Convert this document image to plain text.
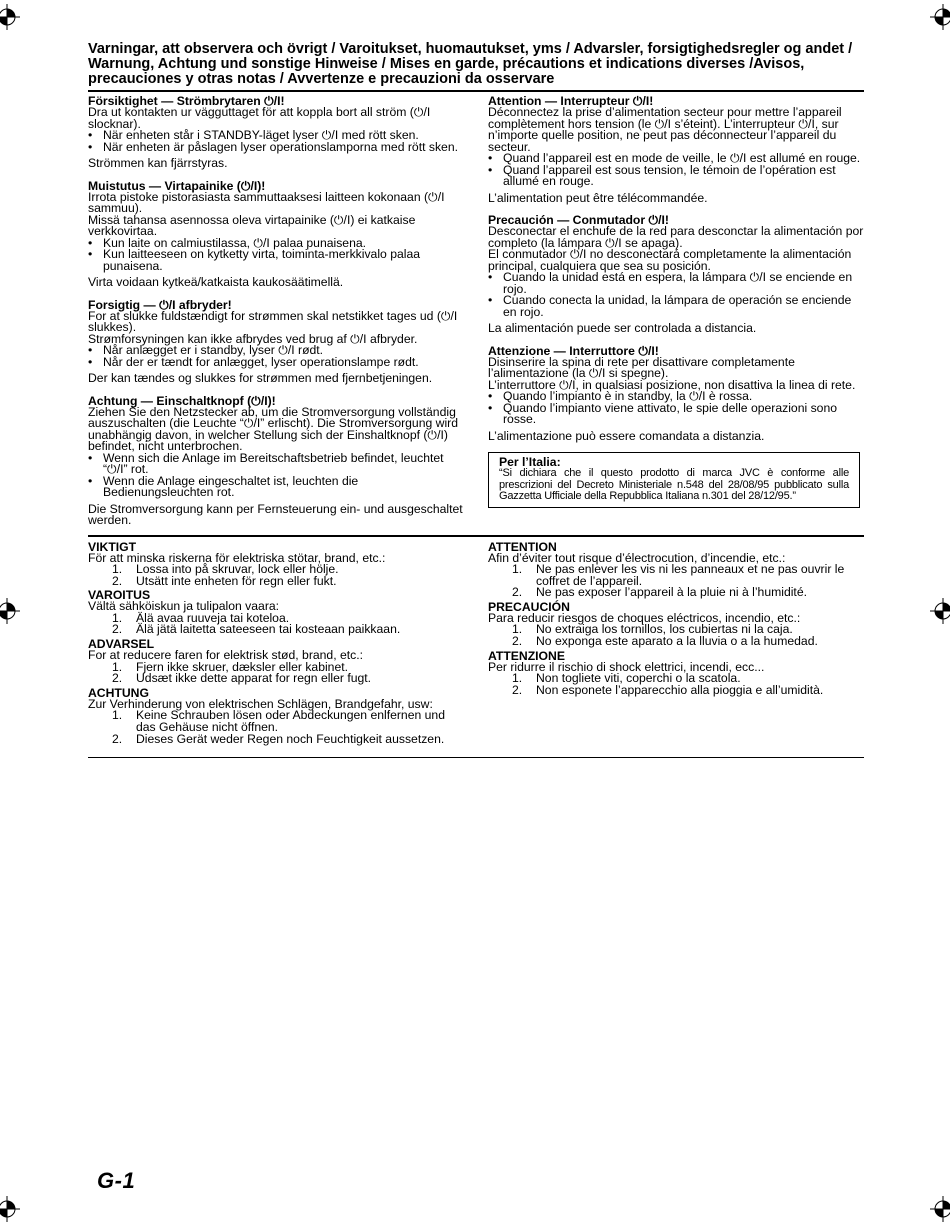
Varningar, att observera och övrigt / Varoitukset, huomautukset, yms / Advarsler, forsigtighedsregler og andet / Warnung, Achtung und sonstige Hinweise / Mises en garde, précautions et indications diverses /Avisos, precauciones y otras notas / Avvertenze e precauzioni da osservare
Försiktighet — Strömbrytaren ⏻/I!

Dra ut kontakten ur vägguttaget för att koppla bort all ström (⏻/I slocknar).

• När enheten står i STANDBY-läget lyser ⏻/I med rött sken.
• När enheten är påslagen lyser operationslamporna med rött sken.

Strömmen kan fjärrstyras.

Muistutus — Virtapainike (⏻/I)!

Irrota pistoke pistorasiasta sammuttaaksesi laitteen kokonaan (⏻/I sammuu).

Missä tahansa asennossa oleva virtapainike (⏻/I) ei katkaise verkkovirtaa.

• Kun laite on calmiustilassa, ⏻/I palaa punaisena.
• Kun laitteeseen on kytketty virta, toiminta-merkkivalo palaa punaisena.

Virta voidaan kytkeä/katkaista kaukosäätimellä.

Forsigtig — ⏻/I afbryder!

For at slukke fuldstændigt for strømmen skal netstikket tages ud (⏻/I slukkes).

Strømforsyningen kan ikke afbrydes ved brug af ⏻/I afbryder.

• Når anlægget er i standby, lyser ⏻/I rødt.
• Når der er tændt for anlægget, lyser operationslampe rødt.

Der kan tændes og slukkes for strømmen med fjernbetjeningen.

Achtung — Einschaltknopf (⏻/I)!

Ziehen Sie den Netzstecker ab, um die Stromversorgung vollständig auszuschalten (die Leuchte “⏻/I” erlischt). Die Stromversorgung wird unabhängig davon, in welcher Stellung sich der Einshaltknopf (⏻/I) befindet, nicht unterbrochen.

• Wenn sich die Anlage im Bereitschaftsbetrieb befindet, leuchtet “⏻/I” rot.
• Wenn die Anlage eingeschaltet ist, leuchten die Bedienungsleuchten rot.

Die Stromversorgung kann per Fernsteuerung ein- und ausgeschaltet werden.

Attention — Interrupteur ⏻/I!

Déconnectez la prise d’alimentation secteur pour mettre l’appareil complètement hors tension (le ⏻/I s’éteint). L’interrupteur ⏻/I, sur n’importe quelle position, ne peut pas déconnecteur l’appareil du secteur.

• Quand l’appareil est en mode de veille, le ⏻/I est allumé en rouge.
• Quand l’appareil est sous tension, le témoin de l’opération est allumé en rouge.

L’alimentation peut être télécommandée.

Precaución — Conmutador ⏻/I!

Desconectar el enchufe de la red para desconctar la alimentación por completo (la lámpara ⏻/I se apaga).

El conmutador ⏻/I no desconectará completamente la alimentación principal, cualquiera que sea su posición.

• Cuando la unidad está en espera, la lámpara ⏻/I se enciende en rojo.
• Cuando conecta la unidad, la lámpara de operación se enciende en rojo.

La alimentación puede ser controlada a distancia.

Attenzione — Interruttore ⏻/I!

Disinserire la spina di rete per disattivare completamente l’alimentazione (la ⏻/I si spegne).

L’interruttore ⏻/I, in qualsiasi posizione, non disattiva la linea di rete.

• Quando l’impianto è in standby, la ⏻/I è rossa.
• Quando l’impianto viene attivato, le spie delle operazioni sono rosse.

L’alimentazione può essere comandata a distanzia.

Per l’Italia:

“Si dichiara che il questo prodotto di marca JVC è conforme alle prescrizioni del Decreto Ministeriale n.548 del 28/08/95 pubblicato sulla Gazzetta Ufficiale della Repubblica Italiana n.301 del 28/12/95.”

VIKTIGT

För att minska riskerna för elektriska stötar, brand, etc.:

1. Lossa into på skruvar, lock eller hölje.
2. Utsätt inte enheten för regn eller fukt.
VAROITUS

Vältä sähköiskun ja tulipalon vaara:

1. Älä avaa ruuveja tai koteloa.
2. Älä jätä laitetta sateeseen tai kosteaan paikkaan.
ADVARSEL

For at reducere faren for elektrisk stød, brand, etc.:

1. Fjern ikke skruer, dæksler eller kabinet.
2. Udsæt ikke dette apparat for regn eller fugt.
ACHTUNG

Zur Verhinderung von elektrischen Schlägen, Brandgefahr, usw:

1. Keine Schrauben lösen oder Abdeckungen enlfernen und das Gehäuse nicht öffnen.
2. Dieses Gerät weder Regen noch Feuchtigkeit aussetzen.
ATTENTION

Afin d’éviter tout risque d’électrocution, d’incendie, etc.:

1. Ne pas enlever les vis ni les panneaux et ne pas ouvrir le coffret de l’appareil.
2. Ne pas exposer l’appareil à la pluie ni à l’humidité.
PRECAUCIÓN

Para reducir riesgos de choques eléctricos, incendio, etc.:

1. No extraiga los tornillos, los cubiertas ni la caja.
2. No exponga este aparato a la lluvia o a la humedad.
ATTENZIONE

Per ridurre il rischio di shock elettrici, incendi, ecc...

1. Non togliete viti, coperchi o la scatola.
2. Non esponete l’apparecchio alla pioggia e all’umidità.
G-1
